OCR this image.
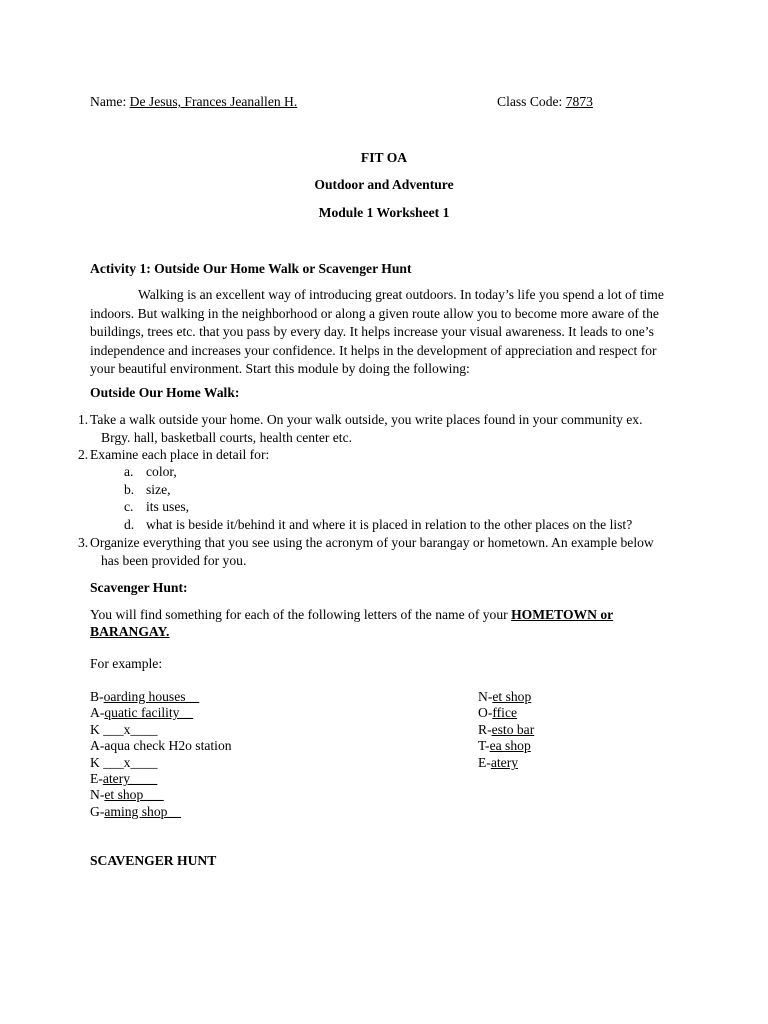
Name: De Jesus, Frances Jeanallen H.	Class Code: 7873
FIT OA
Outdoor and Adventure
Module 1 Worksheet 1
Activity 1: Outside Our Home Walk or Scavenger Hunt
Walking is an excellent way of introducing great outdoors. In today’s life you spend a lot of time indoors. But walking in the neighborhood or along a given route allow you to become more aware of the buildings, trees etc. that you pass by every day. It helps increase your visual awareness. It leads to one’s independence and increases your confidence. It helps in the development of appreciation and respect for your beautiful environment. Start this module by doing the following:
Outside Our Home Walk:
1. Take a walk outside your home. On your walk outside, you write places found in your community ex.
Brgy. hall, basketball courts, health center etc.
2. Examine each place in detail for:
a. color,
b. size,
c. its uses,
d. what is beside it/behind it and where it is placed in relation to the other places on the list?
3. Organize everything that you see using the acronym of your barangay or hometown. An example below
has been provided for you.
Scavenger Hunt:
You will find something for each of the following letters of the name of your HOMETOWN or
BARANGAY.
For example:
B-oarding houses__
A-quatic facility__
K ___x____
A-aqua check H2o station
K ___x____
E-atery____
N-et shop___
G-aming shop__
N-et shop
O-ffice
R-esto bar
T-ea shop
E-atery
SCAVENGER HUNT
